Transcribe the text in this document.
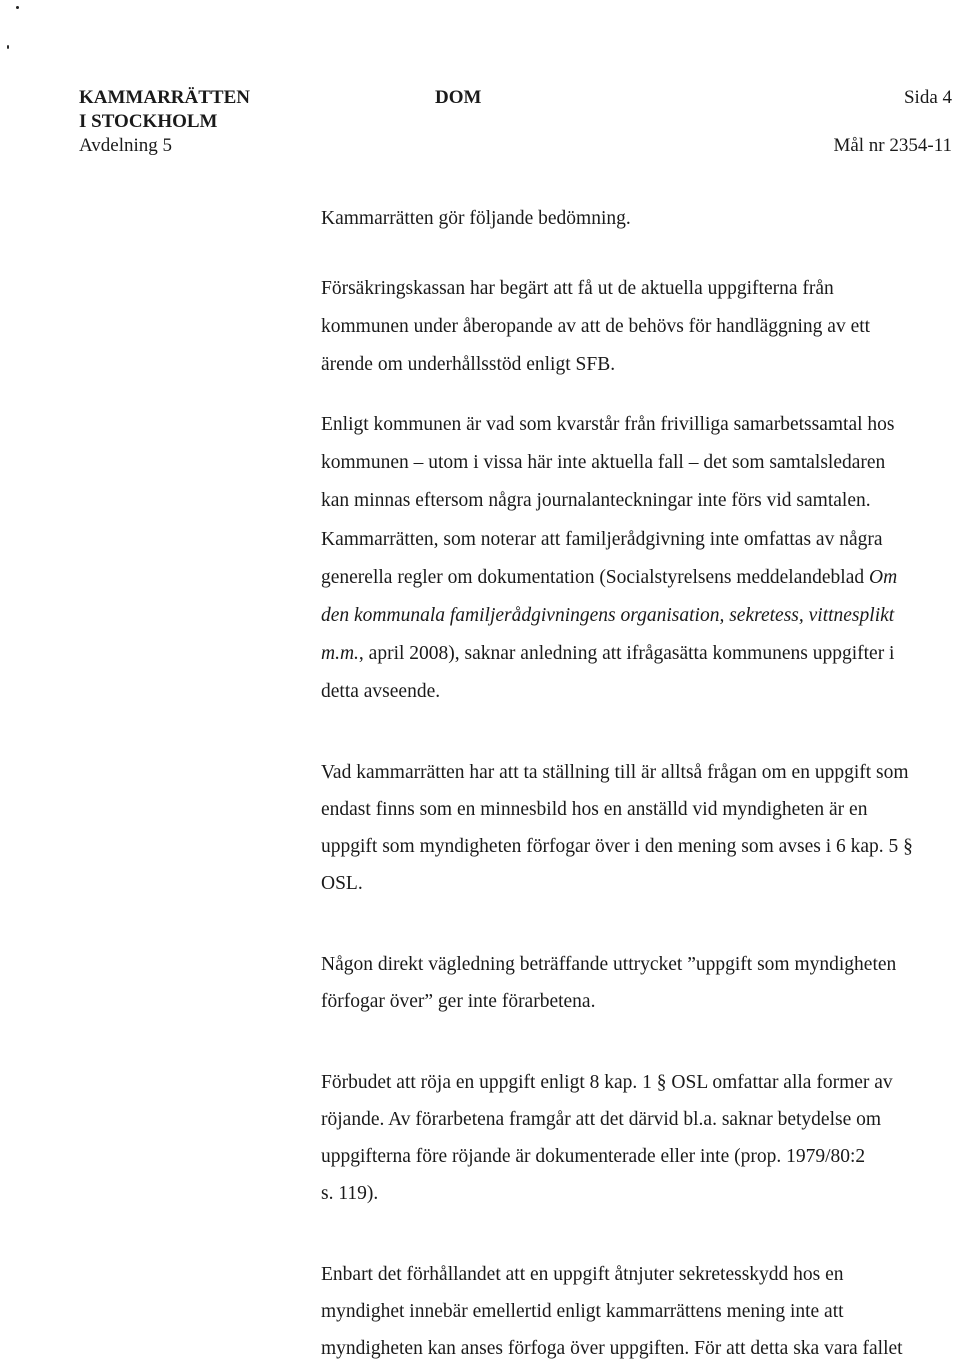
KAMMARRÄTTEN
I STOCKHOLM
Avdelning 5
DOM	Sida 4
Mål nr 2354-11

Kammarrätten gör följande bedömning.

Försäkringskassan har begärt att få ut de aktuella uppgifterna från
kommunen under åberopande av att de behövs för handläggning av ett
ärende om underhållsstöd enligt SFB.

Enligt kommunen är vad som kvarstår från frivilliga samarbetssamtal hos
kommunen – utom i vissa här inte aktuella fall – det som samtalsledaren
kan minnas eftersom några journalanteckningar inte förs vid samtalen.

Kammarrätten, som noterar att familjerådgivning inte omfattas av några
generella regler om dokumentation (Socialstyrelsens meddelandeblad Om
den kommunala familjerådgivningens organisation, sekretess, vittnesplikt
m.m., april 2008), saknar anledning att ifrågasätta kommunens uppgifter i
detta avseende.

Vad kammarrätten har att ta ställning till är alltså frågan om en uppgift som
endast finns som en minnesbild hos en anställd vid myndigheten är en
uppgift som myndigheten förfogar över i den mening som avses i 6 kap. 5 §
OSL.

Någon direkt vägledning beträffande uttrycket ”uppgift som myndigheten
förfogar över” ger inte förarbetena.

Förbudet att röja en uppgift enligt 8 kap. 1 § OSL omfattar alla former av
röjande. Av förarbetena framgår att det därvid bl.a. saknar betydelse om
uppgifterna före röjande är dokumenterade eller inte (prop. 1979/80:2
s. 119).

Enbart det förhållandet att en uppgift åtnjuter sekretesskydd hos en
myndighet innebär emellertid enligt kammarrättens mening inte att
myndigheten kan anses förfoga över uppgiften. För att detta ska vara fallet
